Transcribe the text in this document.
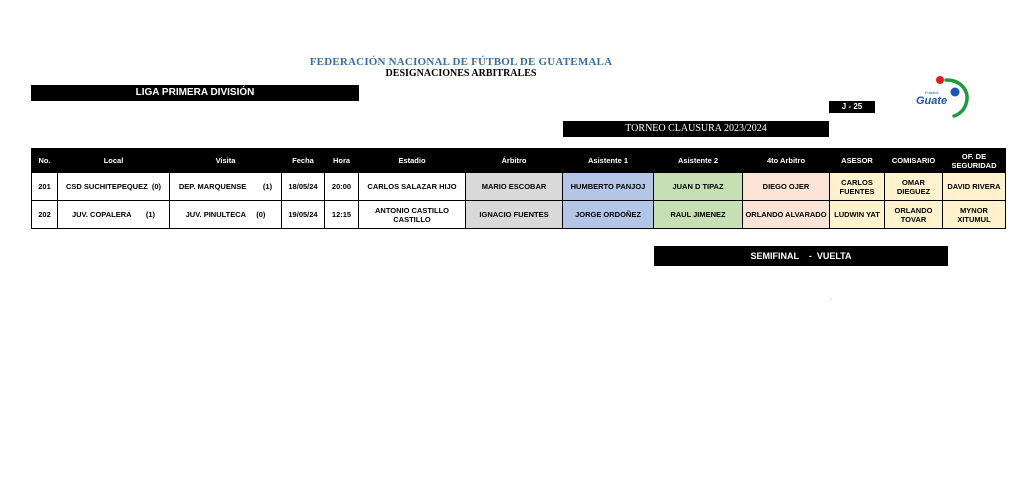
FEDERACIÓN NACIONAL DE FÚTBOL DE GUATEMALA
DESIGNACIONES ARBITRALES
LIGA PRIMERA DIVISIÓN
J - 25
TORNEO CLAUSURA 2023/2024
Futebol
Guate
No.	Local	Visita	Fecha	Hora	Estadio	Árbitro	Asistente 1	Asistente 2	4to Arbitro	ASESOR	COMISARIO	OF. DE SEGURIDAD
201	CSD SUCHITEPEQUEZ  (0)	DEP. MARQUENSE        (1)	18/05/24	20:00	CARLOS SALAZAR HIJO	MARIO ESCOBAR	HUMBERTO PANJOJ	JUAN D TIPAZ	DIEGO OJER	CARLOS FUENTES	OMAR DIEGUEZ	DAVID RIVERA
202	JUV. COPALERA       (1)	JUV. PINULTECA     (0)	19/05/24	12:15	ANTONIO CASTILLO CASTILLO	IGNACIO FUENTES	JORGE ORDOÑEZ	RAUL JIMENEZ	ORLANDO ALVARADO	LUDWIN YAT	ORLANDO TOVAR	MYNOR XITUMUL
SEMIFINAL    -  VUELTA
·
